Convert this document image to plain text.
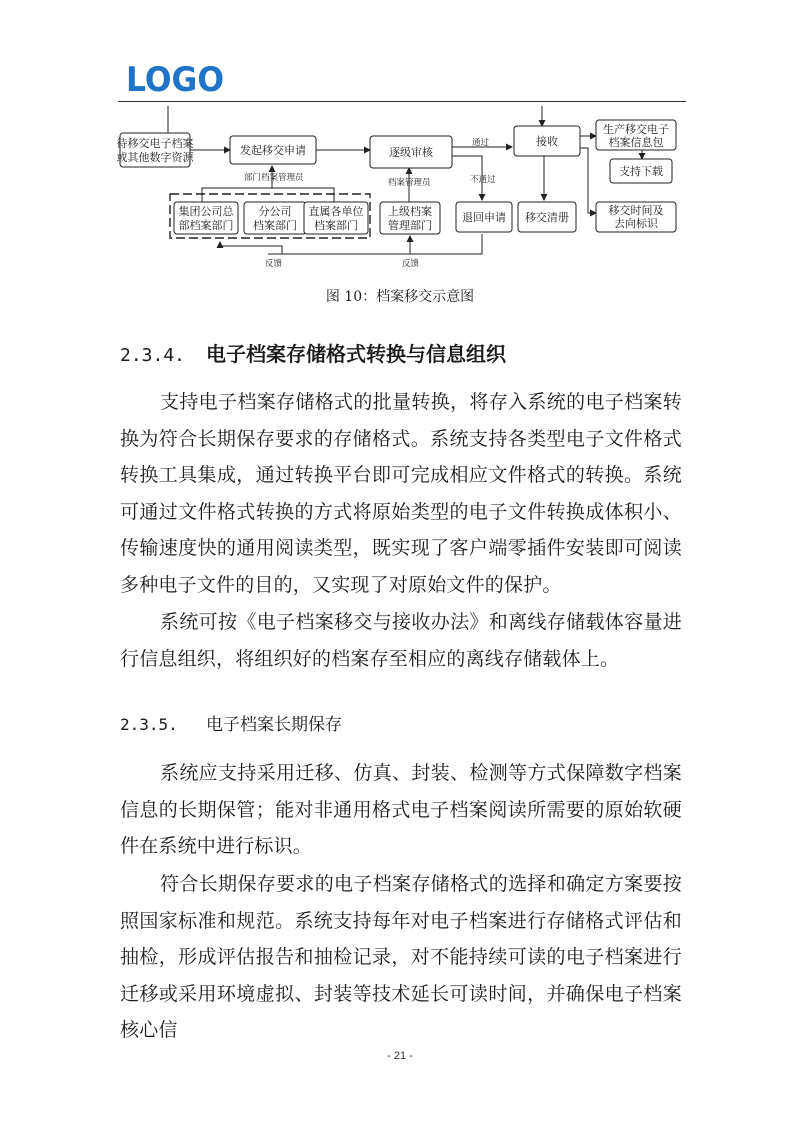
LOGO
待移交电子档案
或其他数字资源
发起移交申请	逐级审核
接收
生产移交电子
档案信息包
支持下载
集团公司总
部档案部门
分公司
档案部门
直属各单位
档案部门
上级档案
管理部门
退回申请 移交清册
移交时间及
去向标识
部门档案管理员	档案管理员
通过
不通过
反馈	反馈
图 10：档案移交示意图
2.3.4. 电子档案存储格式转换与信息组织

支持电子档案存储格式的批量转换，将存入系统的电子档案转换为符合长期保存要求的存储格式。系统支持各类型电子文件格式转换工具集成，通过转换平台即可完成相应文件格式的转换。系统可通过文件格式转换的方式将原始类型的电子文件转换成体积小、传输速度快的通用阅读类型，既实现了客户端零插件安装即可阅读多种电子文件的目的，又实现了对原始文件的保护。

系统可按《电子档案移交与接收办法》和离线存储载体容量进行信息组织，将组织好的档案存至相应的离线存储载体上。

2.3.5. 电子档案长期保存

系统应支持采用迁移、仿真、封装、检测等方式保障数字档案信息的长期保管；能对非通用格式电子档案阅读所需要的原始软硬件在系统中进行标识。

符合长期保存要求的电子档案存储格式的选择和确定方案要按照国家标准和规范。系统支持每年对电子档案进行存储格式评估和抽检，形成评估报告和抽检记录，对不能持续可读的电子档案进行迁移或采用环境虚拟、封装等技术延长可读时间，并确保电子档案核心信

- 21 -
